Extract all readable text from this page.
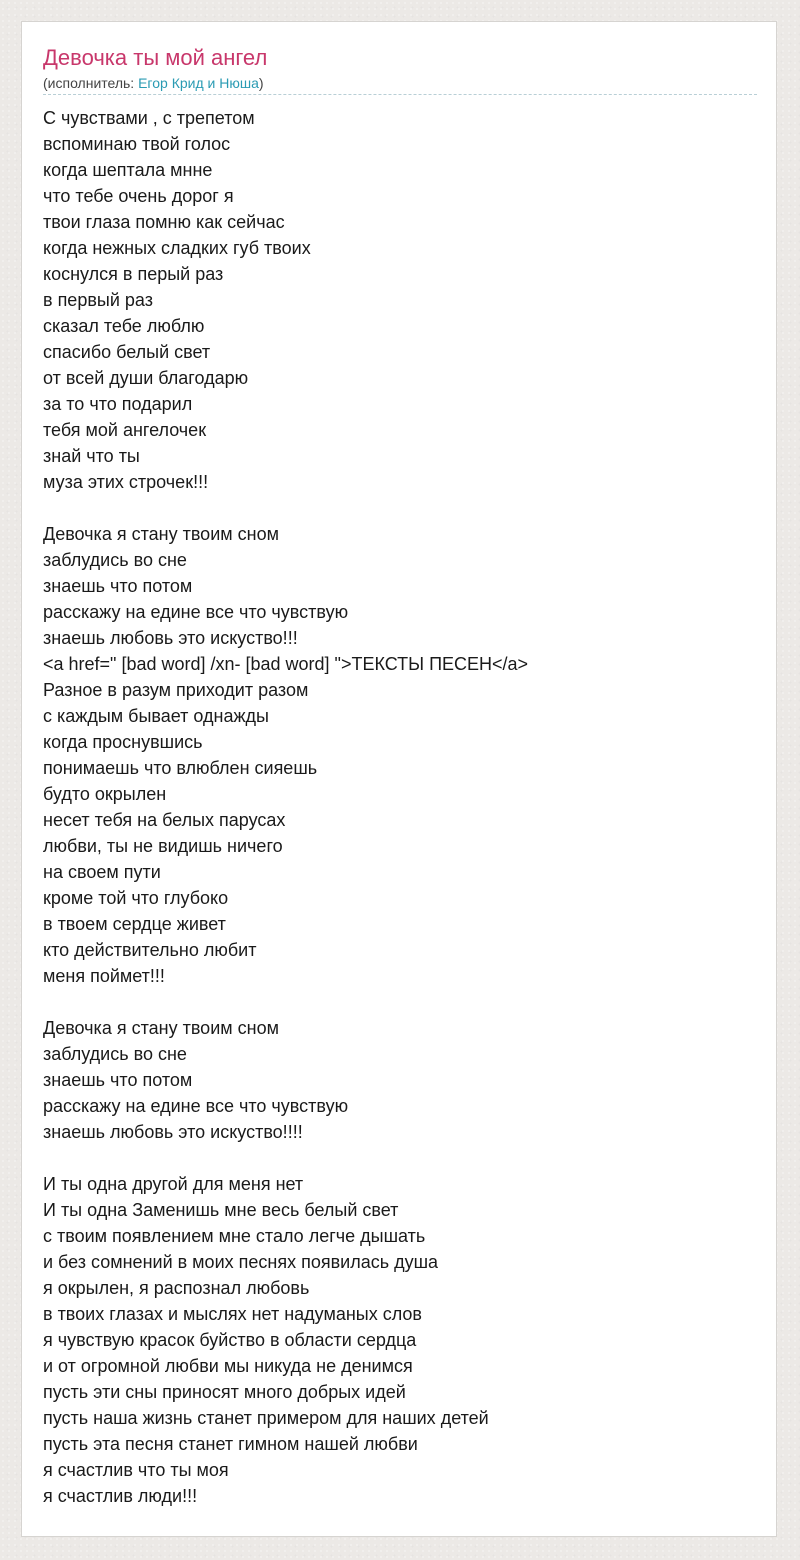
Девочка ты мой ангел
(исполнитель: Егор Крид и Нюша)
С чувствами , с трепетом
вспоминаю твой голос
когда шептала мнне
что тебе очень дорог я
твои глаза помню как сейчас
когда нежных сладких губ твоих
коснулся в перый раз
в первый раз
сказал тебе люблю
спасибо белый свет
от всей души благодарю
за то что подарил
тебя мой ангелочек
знай что ты
муза этих строчек!!!
Девочка я стану твоим сном
заблудись во сне
знаешь что потом
расскажу на едине все что чувствую
знаешь любовь это искуство!!!
<a href=" [bad word] /xn- [bad word] ">ТЕКСТЫ ПЕСЕН</a>
Разное в разум приходит разом
с каждым бывает однажды
когда проснувшись
понимаешь что влюблен сияешь
будто окрылен
несет тебя на белых парусах
любви, ты не видишь ничего
на своем пути
кроме той что глубоко
в твоем сердце живет
кто действительно любит
меня поймет!!!
Девочка я стану твоим сном
заблудись во сне
знаешь что потом
расскажу на едине все что чувствую
знаешь любовь это искуство!!!!
И ты одна другой для меня нет
И ты одна Заменишь мне весь белый свет
с твоим появлением мне стало легче дышать
и без сомнений в моих песнях появилась душа
я окрылен, я распознал любовь
в твоих глазах и мыслях нет надуманых слов
я чувствую красок буйство в области сердца
и от огромной любви мы никуда не денимся
пусть эти сны приносят много добрых идей
пусть наша жизнь станет примером для наших детей
пусть эта песня станет гимном нашей любви
я счастлив что ты моя
я счастлив люди!!!
